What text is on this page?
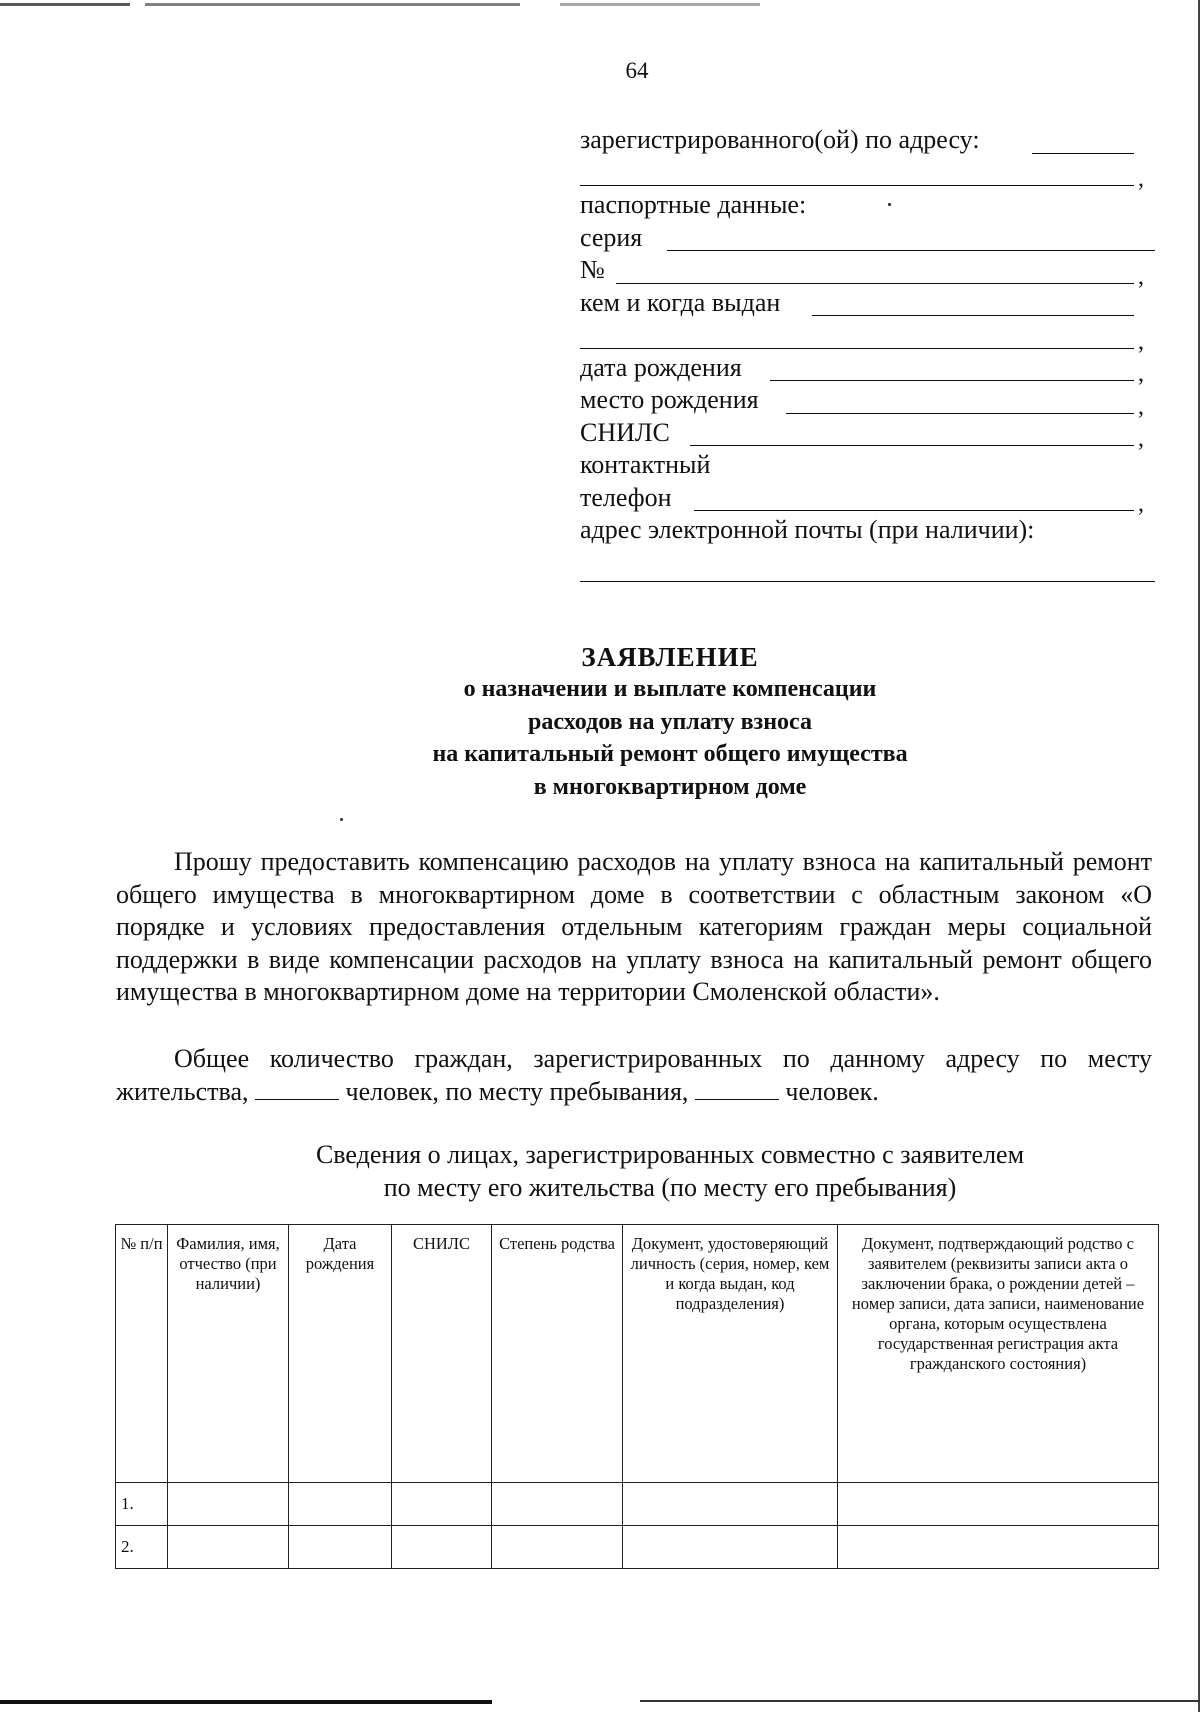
64
зарегистрированного(ой) по адресу:
,
паспортные данные:
серия
№	,
кем и когда выдан
,
дата рождения	,
место рождения	,
СНИЛС	,
контактный
телефон	,
адрес электронной почты (при наличии):
ЗАЯВЛЕНИЕ
о назначении и выплате компенсации
расходов на уплату взноса
на капитальный ремонт общего имущества
в многоквартирном доме

Прошу предоставить компенсацию расходов на уплату взноса на капитальный ремонт общего имущества в многоквартирном доме в соответствии с областным законом «О порядке и условиях предоставления отдельным категориям граждан меры социальной поддержки в виде компенсации расходов на уплату взноса на капитальный ремонт общего имущества в многоквартирном доме на территории Смоленской области».

Общее количество граждан, зарегистрированных по данному адресу по месту жительства,	человек, по месту пребывания,	человек.

Сведения о лицах, зарегистрированных совместно с заявителем
по месту его жительства (по месту его пребывания)
№ п/п	Фамилия, имя, отчество (при наличии)	Дата рождения	СНИЛС	Степень родства	Документ, удостоверяющий личность (серия, номер, кем и когда выдан, код подразделения)	Документ, подтверждающий родство с заявителем (реквизиты записи акта о заключении брака, о рождении детей – номер записи, дата записи, наименование органа, которым осуществлена государственная регистрация акта гражданского состояния)
1.						
2.						
